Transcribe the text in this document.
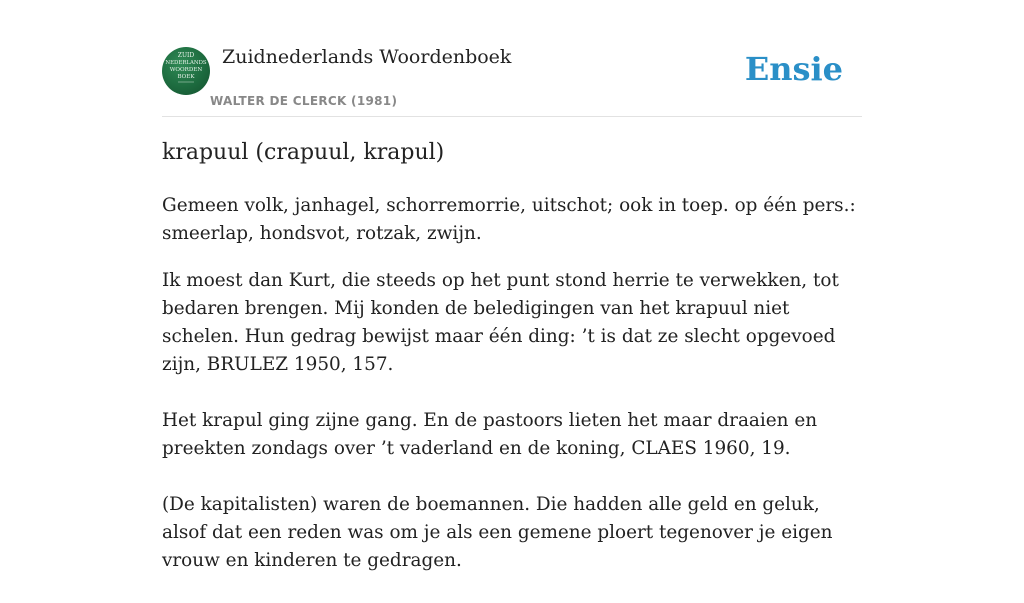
ZUID
NEDERLANDS
WOORDEN
BOEK
Zuidnederlands Woordenboek
WALTER DE CLERCK (1981)
Ensie
krapuul (crapuul, krapul)

Gemeen volk, janhagel, schorremorrie, uitschot; ook in toep. op één pers.: smeerlap, hondsvot, rotzak, zwijn.

Ik moest dan Kurt, die steeds op het punt stond herrie te verwekken, tot bedaren brengen. Mij konden de beledigingen van het krapuul niet schelen. Hun gedrag bewijst maar één ding: ’t is dat ze slecht opgevoed zijn, BRULEZ 1950, 157.

Het krapul ging zijne gang. En de pastoors lieten het maar draaien en preekten zondags over ’t vaderland en de koning, CLAES 1960, 19.

(De kapitalisten) waren de boemannen. Die hadden alle geld en geluk, alsof dat een reden was om je als een gemene ploert tegenover je eigen vrouw en kinderen te gedragen.
